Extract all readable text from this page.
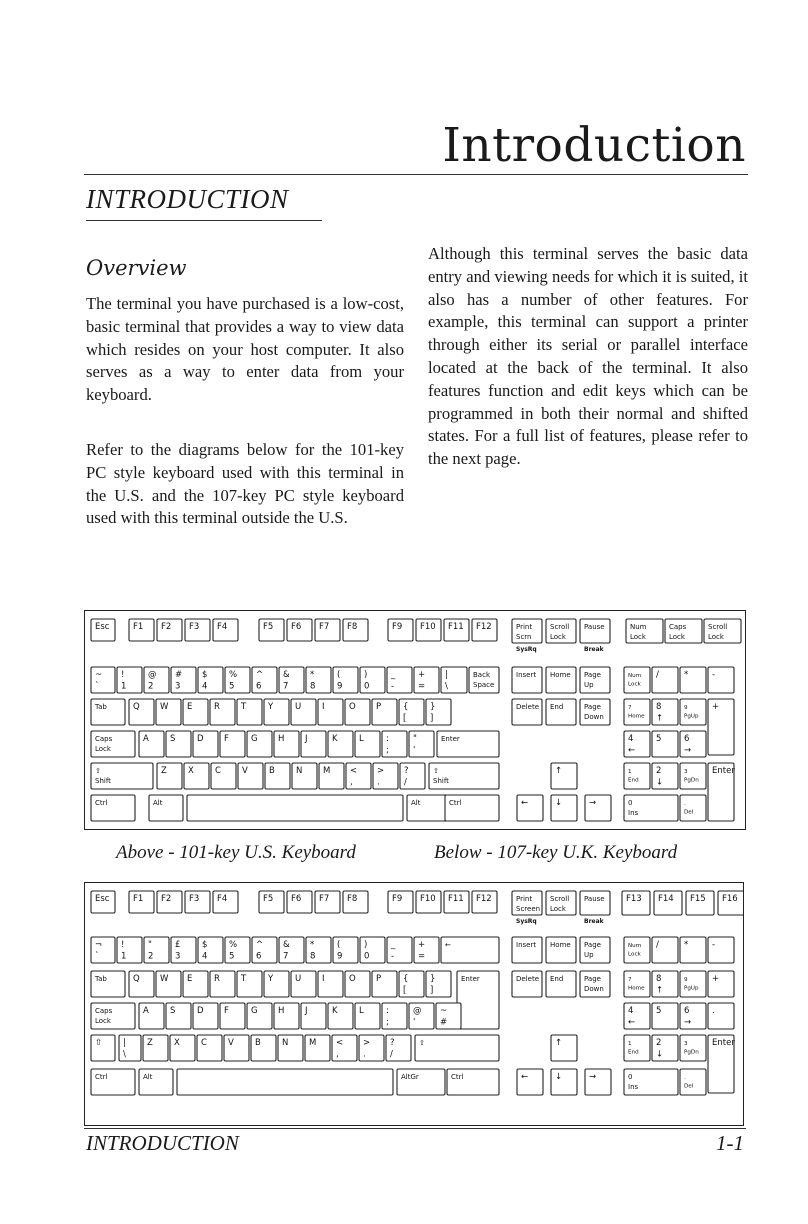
Introduction
INTRODUCTION
Overview

The terminal you have purchased is a low-cost, basic terminal that provides a way to view data which resides on your host computer. It also serves as a way to enter data from your keyboard.

Refer to the diagrams below for the 101-key PC style keyboard used with this terminal in the U.S. and the 107-key PC style keyboard used with this terminal outside the U.S.

Although this terminal serves the basic data entry and viewing needs for which it is suited, it also has a number of other features. For example, this terminal can support a printer through either its serial or parallel interface located at the back of the terminal. It also features function and edit keys which can be programmed in both their normal and shifted states. For a full list of features, please refer to the next page.

Esc	F1 F2 F3 F4	F5 F6 F7 F8	F9 F10 F11 F12	Print
Scrn
SysRq
Scroll
Lock
Pause
Break
Num
Lock
Caps
Lock
Scroll
Lock
~
`
!
1
@
2
#
3
$
4
%
5
^
6
&
7
*
8
(
9
)
0
_
-
+
=
|
\
Back
Space
Insert Home Page
Up
Num
Lock
/	*	-
Tab	Q W E	R T	Y	U I	O P	{
[
}
]
Delete End	Page
Down
7
Home
8
↑
9
PgUp
+
Caps
Lock
A S	D F	G H J	K	L	:
;
"
'
Enter	4
←
5	6
→
⇧
Shift
Z X C V B N M <
,
>
.
?
/
⇧
Shift
↑	1
End
2
↓
3
PgDn
Enter
Ctrl	Alt	Alt	Ctrl	←	↓	→	0
Ins
.
Del
Above - 101-key U.S. Keyboard	Below - 107-key U.K. Keyboard
Esc	F1 F2 F3 F4	F5 F6 F7 F8	F9 F10 F11 F12	Print
Screen
SysRq
Scroll
Lock
Pause
Break
F13 F14 F15 F16
¬
`
!
1
"
2
£
3
$
4
%
5
^
6
&
7
*
8
(
9
)
0
_
-
+
=
←	Insert Home Page
Up
Num
Lock
/	*	-
Tab	Q W E	R T	Y	U I	O P	{
[
}
]
Enter	Delete End	Page
Down
7
Home
8
↑
9
PgUp
+
Caps
Lock
A S	D F	G H J	K	L	:
;
@
'
~
#
4
←
5	6
→
.
⇧ |
\
Z X C V B N M <
,
>
.
?
/
⇧	↑	1
End
2
↓
3
PgDn
Enter
Ctrl	Alt	AltGr	Ctrl	←	↓	→	0
Ins
.
Del
INTRODUCTION	1-1
